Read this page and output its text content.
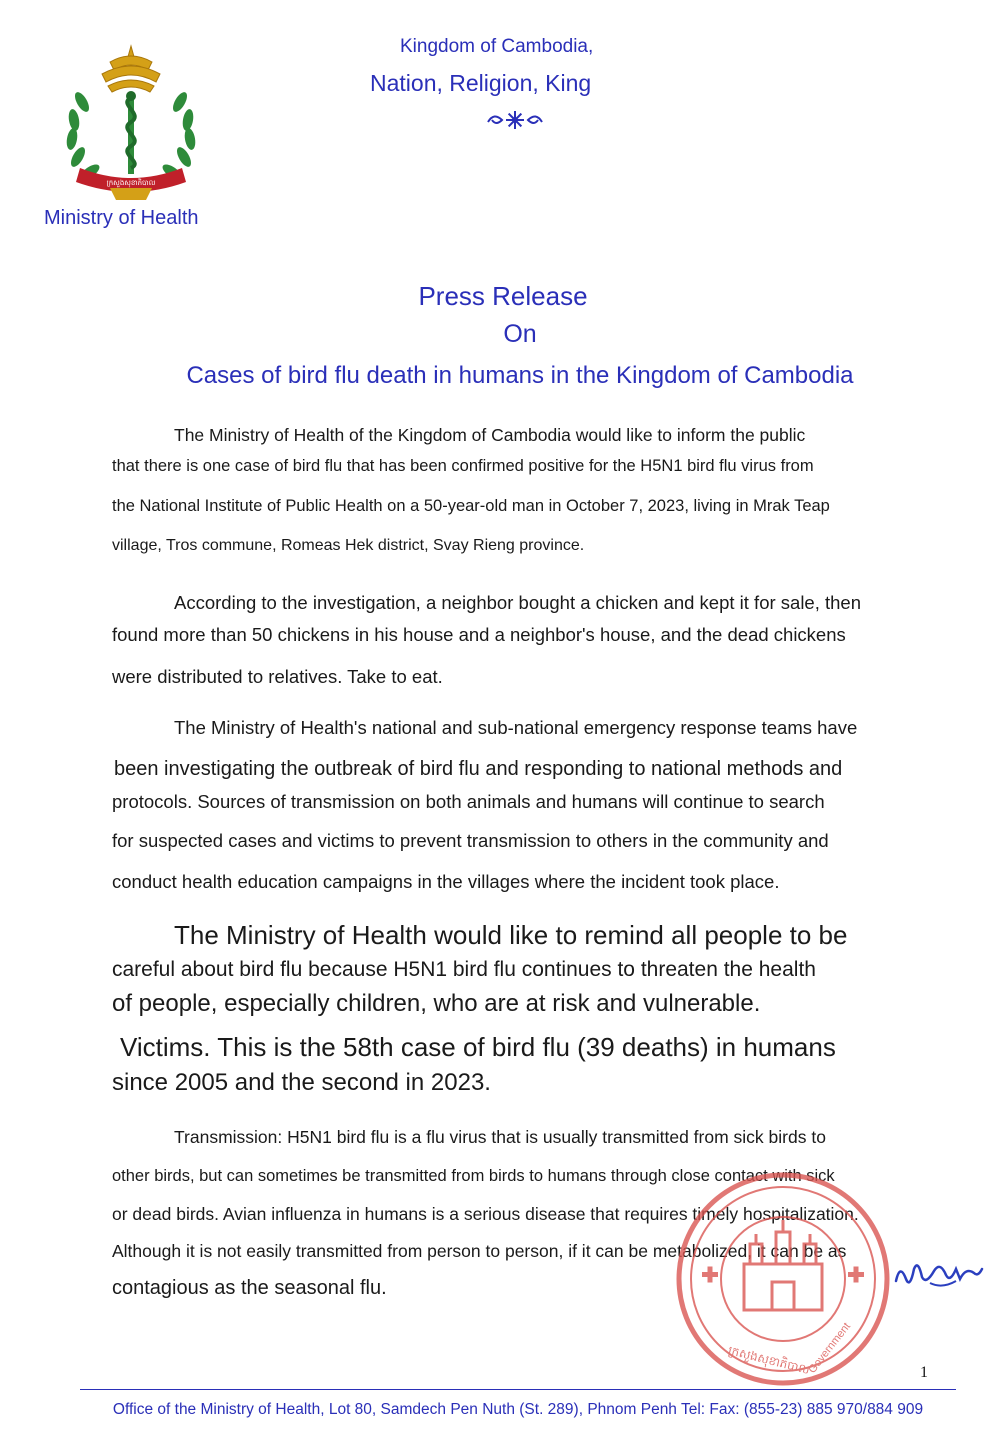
ក្រសួងសុខាភិបាល
Ministry of Health
Kingdom of Cambodia,
Nation, Religion, King
Press Release
On
Cases of bird flu death in humans in the Kingdom of Cambodia
The Ministry of Health of the Kingdom of Cambodia would like to inform the public
that there is one case of bird flu that has been confirmed positive for the H5N1 bird flu virus from
the National Institute of Public Health on a 50-year-old man in October 7, 2023, living in Mrak Teap
village, Tros commune, Romeas Hek district, Svay Rieng province.
According to the investigation, a neighbor bought a chicken and kept it for sale, then
found more than 50 chickens in his house and a neighbor's house, and the dead chickens
were distributed to relatives. Take to eat.
The Ministry of Health's national and sub-national emergency response teams have
been investigating the outbreak of bird flu and responding to national methods and
protocols. Sources of transmission on both animals and humans will continue to search
for suspected cases and victims to prevent transmission to others in the community and
conduct health education campaigns in the villages where the incident took place.
The Ministry of Health would like to remind all people to be
careful about bird flu because H5N1 bird flu continues to threaten the health
of people, especially children, who are at risk and vulnerable.
Victims. This is the 58th case of bird flu (39 deaths) in humans
since 2005 and the second in 2023.
Transmission: H5N1 bird flu is a flu virus that is usually transmitted from sick birds to
other birds, but can sometimes be transmitted from birds to humans through close contact with sick
or dead birds. Avian influenza in humans is a serious disease that requires timely hospitalization.
Although it is not easily transmitted from person to person, if it can be metabolized, it can be as
contagious as the seasonal flu.
Government
ក្រសួងសុខាភិបាល	1
Office of the Ministry of Health, Lot 80, Samdech Pen Nuth (St. 289), Phnom Penh Tel: Fax: (855-23) 885 970/884 909
